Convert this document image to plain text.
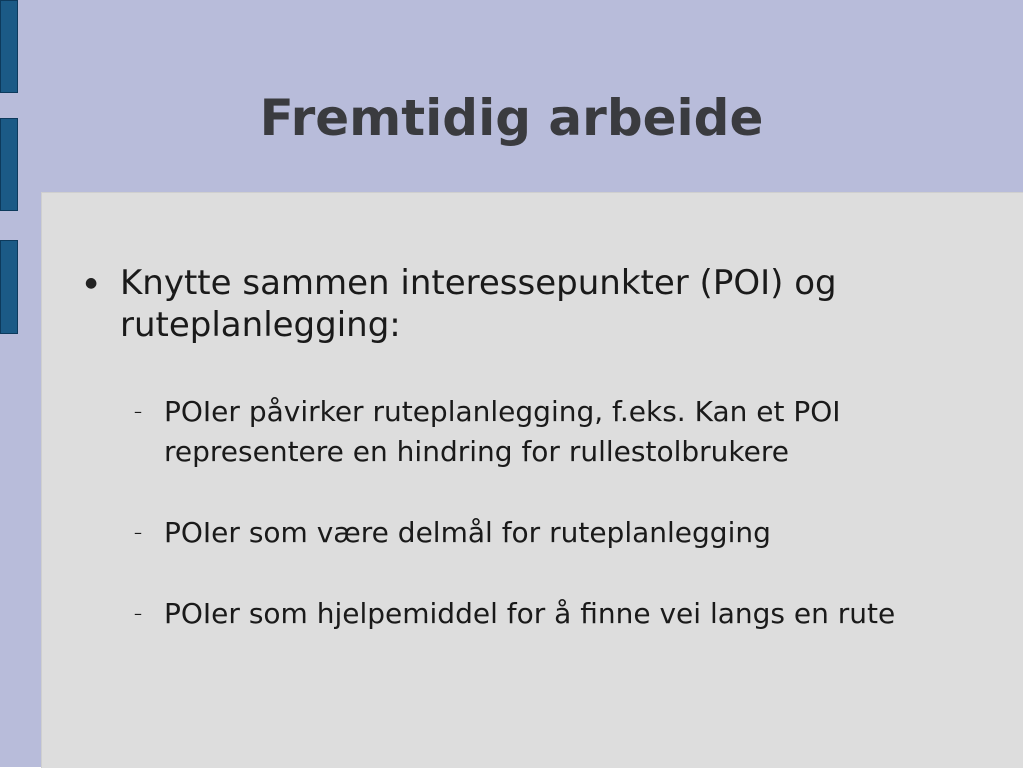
Fremtidig arbeide
● Knytte sammen interessepunkter (POI) og ruteplanlegging:
– POIer påvirker ruteplanlegging, f.eks. Kan et POI representere en hindring for rullestolbrukere
– POIer som være delmål for ruteplanlegging
– POIer som hjelpemiddel for å finne vei langs en rute
